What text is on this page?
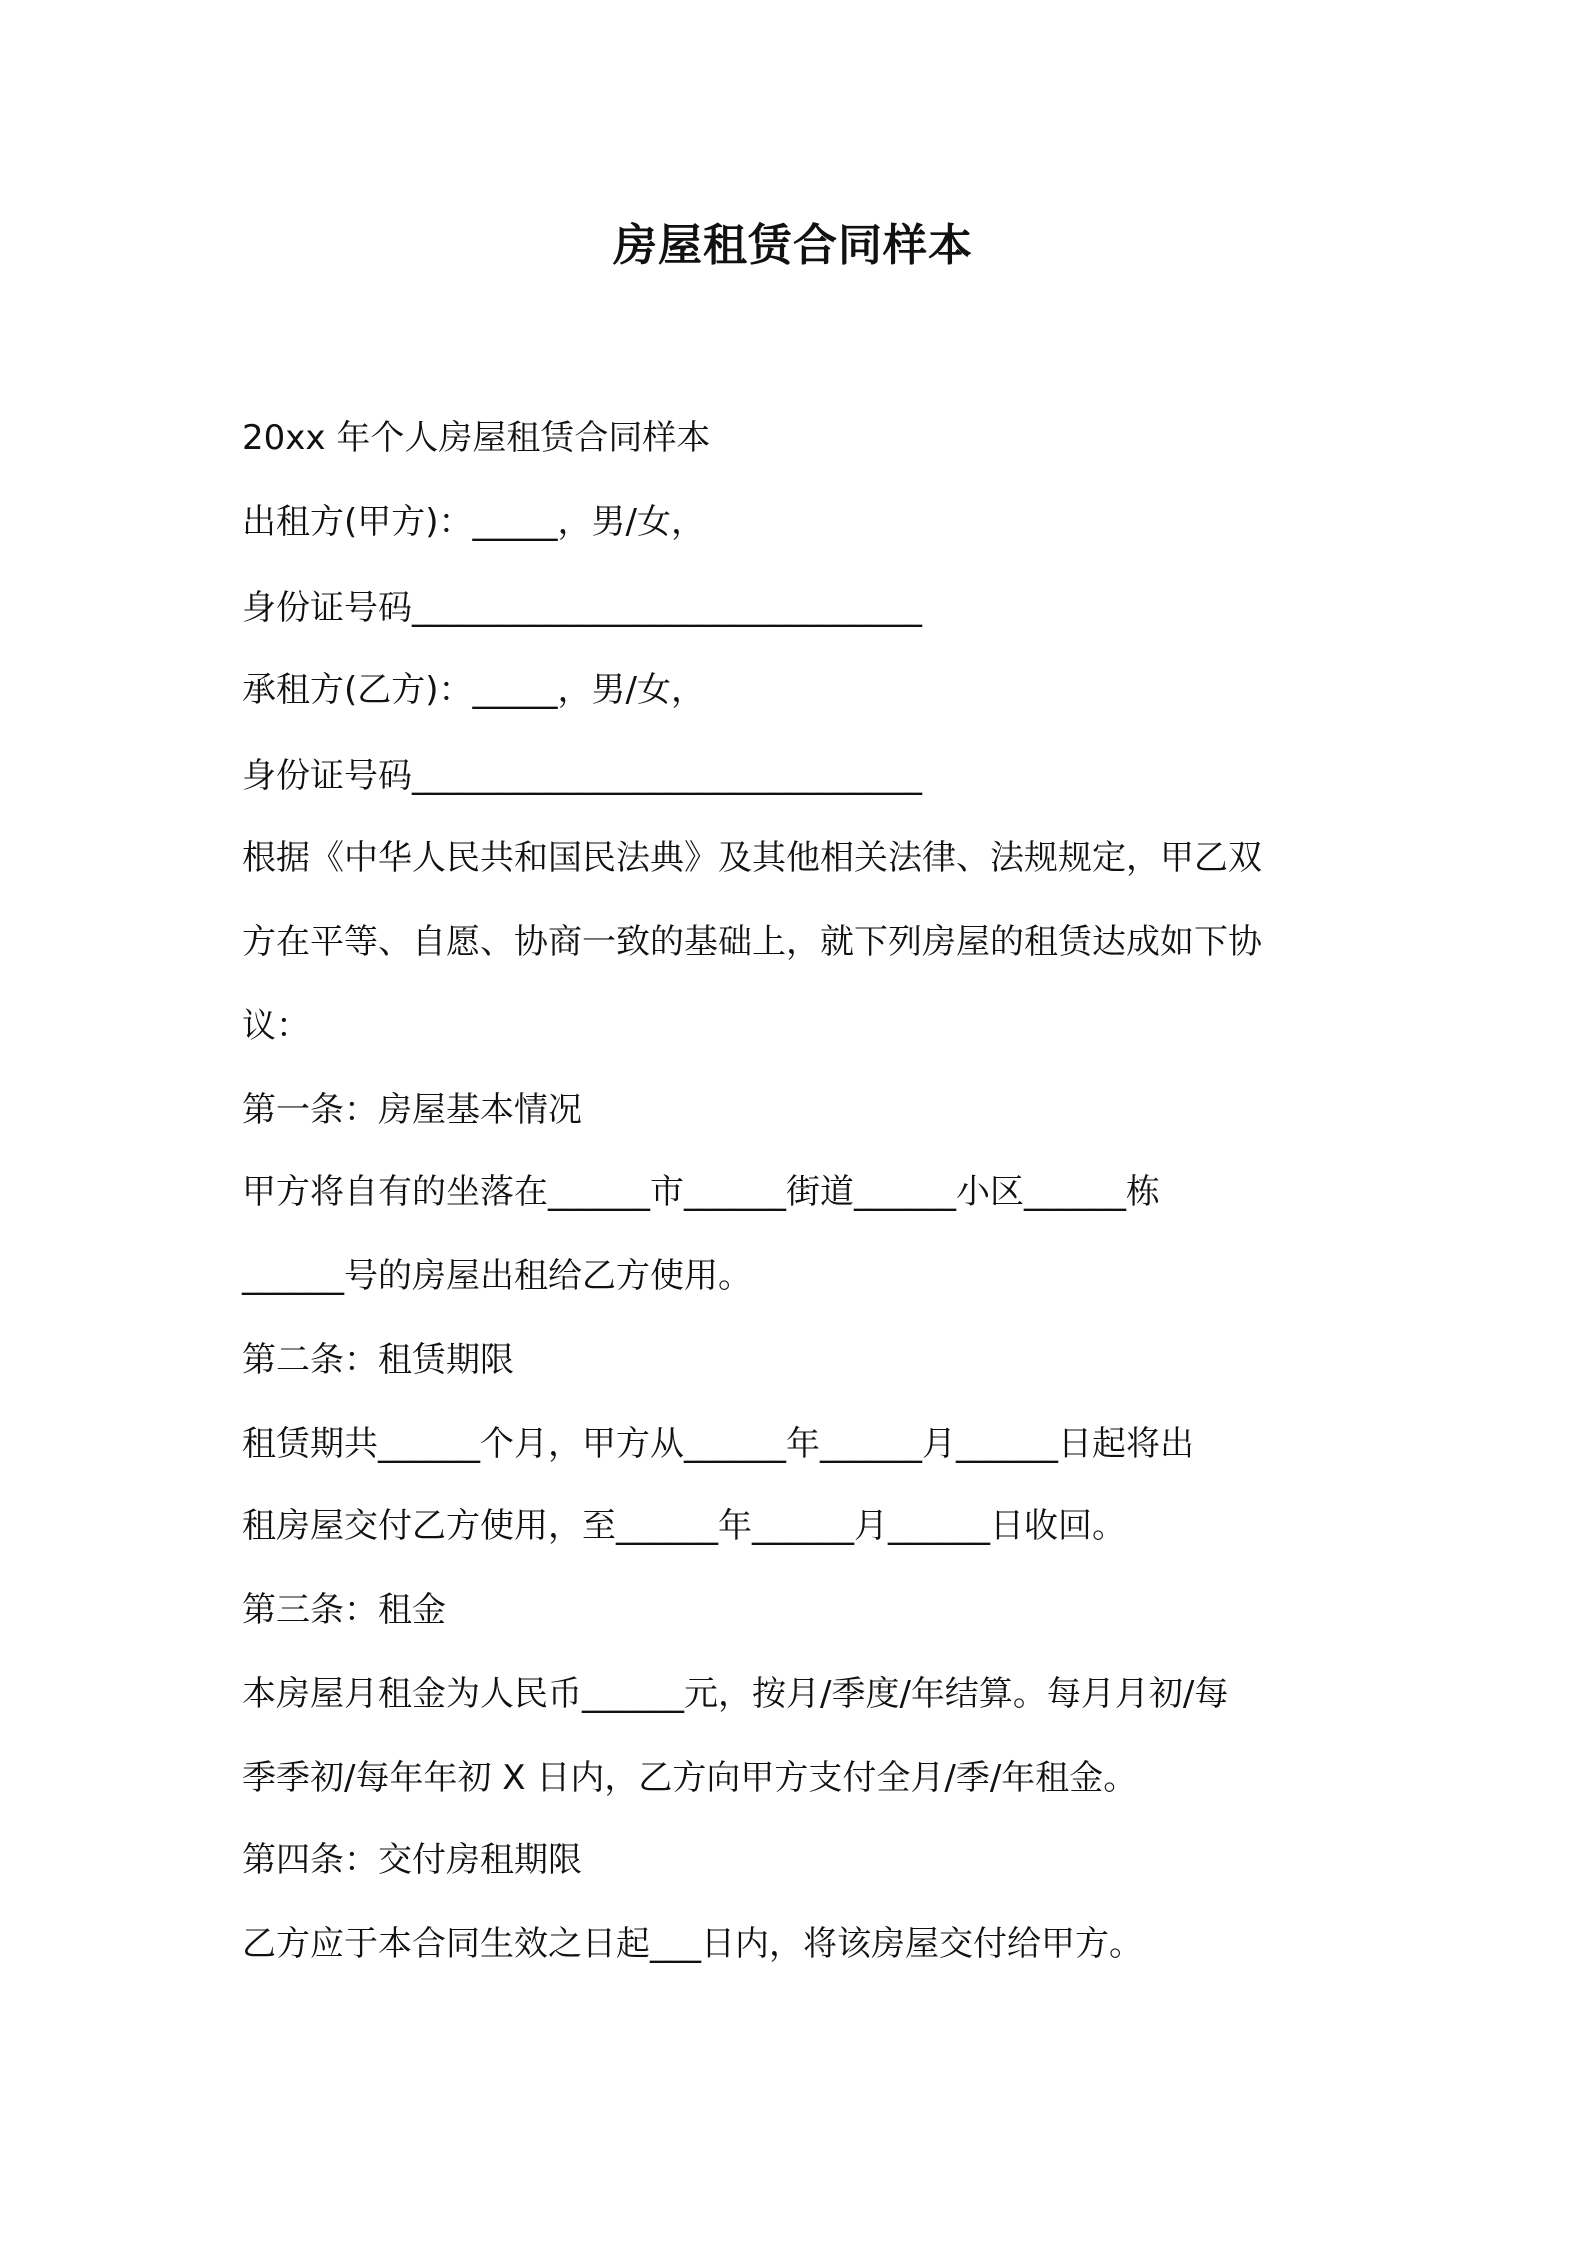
房屋租赁合同样本

20xx 年个人房屋租赁合同样本

出租方(甲方)：_____，男/女，

身份证号码______________________________

承租方(乙方)：_____，男/女，

身份证号码______________________________

根据《中华人民共和国民法典》及其他相关法律、法规规定，甲乙双

方在平等、自愿、协商一致的基础上，就下列房屋的租赁达成如下协

议：

第一条：房屋基本情况

甲方将自有的坐落在______市______街道______小区______栋

______号的房屋出租给乙方使用。

第二条：租赁期限

租赁期共______个月，甲方从______年______月______日起将出

租房屋交付乙方使用，至______年______月______日收回。

第三条：租金

本房屋月租金为人民币______元，按月/季度/年结算。每月月初/每

季季初/每年年初 X 日内，乙方向甲方支付全月/季/年租金。

第四条：交付房租期限

乙方应于本合同生效之日起___日内，将该房屋交付给甲方。
